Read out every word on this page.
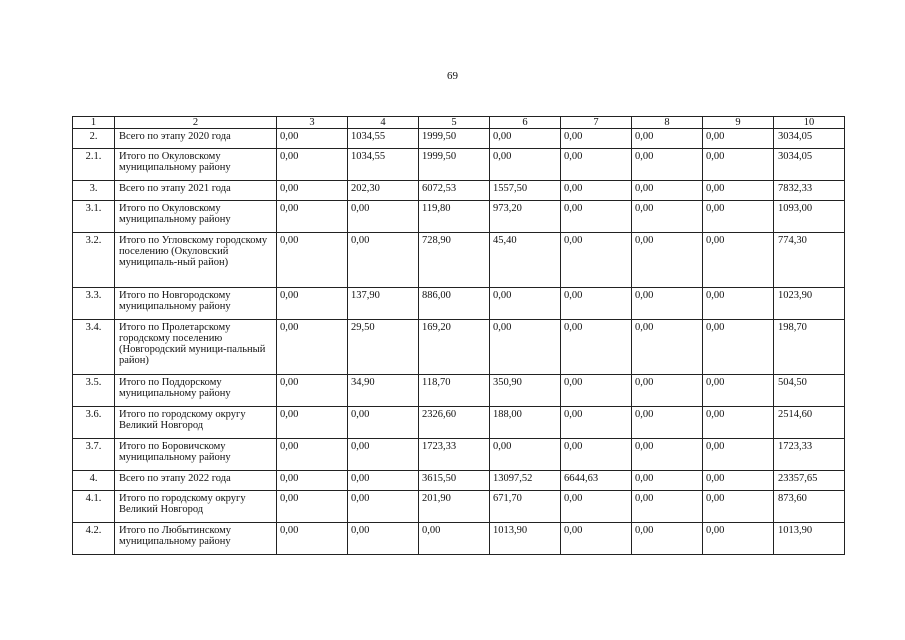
69
1	2	3	4	5	6	7	8	9	10
2.	Всего по этапу 2020 года	0,00	1034,55	1999,50	0,00	0,00	0,00	0,00	3034,05
2.1.	Итого по Окуловскому муниципальному району	0,00	1034,55	1999,50	0,00	0,00	0,00	0,00	3034,05
3.	Всего по этапу 2021 года	0,00	202,30	6072,53	1557,50	0,00	0,00	0,00	7832,33
3.1.	Итого по Окуловскому муниципальному району	0,00	0,00	119,80	973,20	0,00	0,00	0,00	1093,00
3.2.	Итого по Угловскому городскому поселению (Окуловский муниципаль-ный район)	0,00	0,00	728,90	45,40	0,00	0,00	0,00	774,30
3.3.	Итого по Новгородскому муниципальному району	0,00	137,90	886,00	0,00	0,00	0,00	0,00	1023,90
3.4.	Итого по Пролетарскому городскому поселению (Новгородский муници-пальный район)	0,00	29,50	169,20	0,00	0,00	0,00	0,00	198,70
3.5.	Итого по Поддорскому муниципальному району	0,00	34,90	118,70	350,90	0,00	0,00	0,00	504,50
3.6.	Итого по городскому округу Великий Новгород	0,00	0,00	2326,60	188,00	0,00	0,00	0,00	2514,60
3.7.	Итого по Боровичскому муниципальному району	0,00	0,00	1723,33	0,00	0,00	0,00	0,00	1723,33
4.	Всего по этапу 2022 года	0,00	0,00	3615,50	13097,52	6644,63	0,00	0,00	23357,65
4.1.	Итого по городскому округу Великий Новгород	0,00	0,00	201,90	671,70	0,00	0,00	0,00	873,60
4.2.	Итого по Любытинскому муниципальному району	0,00	0,00	0,00	1013,90	0,00	0,00	0,00	1013,90
